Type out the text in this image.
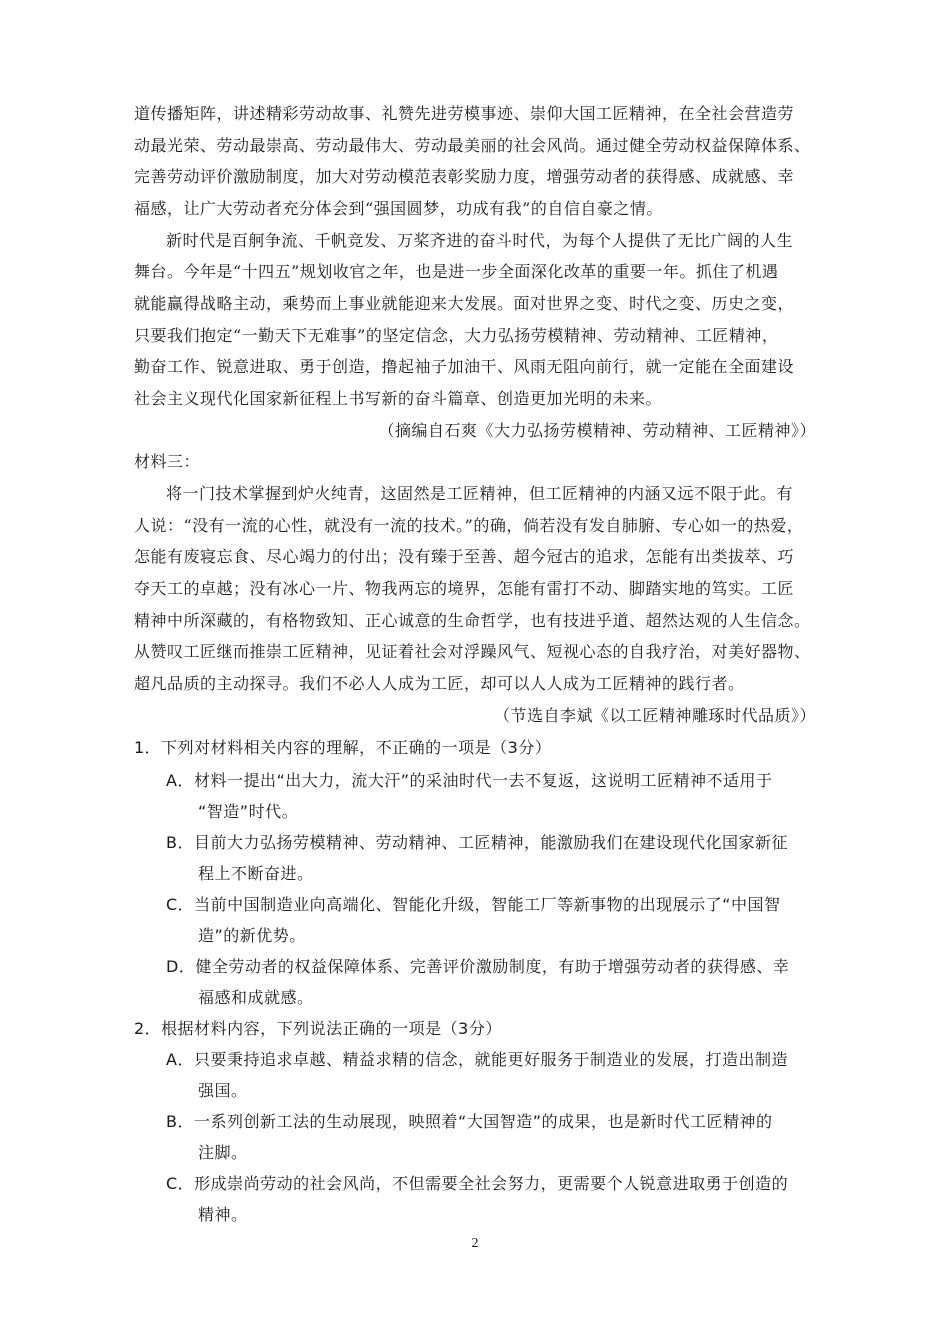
道传播矩阵，讲述精彩劳动故事、礼赞先进劳模事迹、崇仰大国工匠精神，在全社会营造劳
动最光荣、劳动最崇高、劳动最伟大、劳动最美丽的社会风尚。通过健全劳动权益保障体系、
完善劳动评价激励制度，加大对劳动模范表彰奖励力度，增强劳动者的获得感、成就感、幸
福感，让广大劳动者充分体会到“强国圆梦，功成有我”的自信自豪之情。
新时代是百舸争流、千帆竞发、万桨齐进的奋斗时代，为每个人提供了无比广阔的人生
舞台。今年是“十四五”规划收官之年，也是进一步全面深化改革的重要一年。抓住了机遇
就能赢得战略主动，乘势而上事业就能迎来大发展。面对世界之变、时代之变、历史之变，
只要我们抱定“一勤天下无难事”的坚定信念，大力弘扬劳模精神、劳动精神、工匠精神，
勤奋工作、锐意进取、勇于创造，撸起袖子加油干、风雨无阻向前行，就一定能在全面建设
社会主义现代化国家新征程上书写新的奋斗篇章、创造更加光明的未来。
（摘编自石爽《大力弘扬劳模精神、劳动精神、工匠精神》）
材料三：
将一门技术掌握到炉火纯青，这固然是工匠精神，但工匠精神的内涵又远不限于此。有
人说：“没有一流的心性，就没有一流的技术。”的确，倘若没有发自肺腑、专心如一的热爱，
怎能有废寝忘食、尽心竭力的付出；没有臻于至善、超今冠古的追求，怎能有出类拔萃、巧
夺天工的卓越；没有冰心一片、物我两忘的境界，怎能有雷打不动、脚踏实地的笃实。工匠
精神中所深藏的，有格物致知、正心诚意的生命哲学，也有技进乎道、超然达观的人生信念。
从赞叹工匠继而推崇工匠精神，见证着社会对浮躁风气、短视心态的自我疗治，对美好器物、
超凡品质的主动探寻。我们不必人人成为工匠，却可以人人成为工匠精神的践行者。
（节选自李斌《以工匠精神雕琢时代品质》）
1．下列对材料相关内容的理解，不正确的一项是（3分）
A．材料一提出“出大力，流大汗”的采油时代一去不复返，这说明工匠精神不适用于
“智造”时代。
B．目前大力弘扬劳模精神、劳动精神、工匠精神，能激励我们在建设现代化国家新征
程上不断奋进。
C．当前中国制造业向高端化、智能化升级，智能工厂等新事物的出现展示了“中国智
造”的新优势。
D．健全劳动者的权益保障体系、完善评价激励制度，有助于增强劳动者的获得感、幸
福感和成就感。
2．根据材料内容，下列说法正确的一项是（3分）
A．只要秉持追求卓越、精益求精的信念，就能更好服务于制造业的发展，打造出制造
强国。
B．一系列创新工法的生动展现，映照着“大国智造”的成果，也是新时代工匠精神的
注脚。
C．形成崇尚劳动的社会风尚，不但需要全社会努力，更需要个人锐意进取勇于创造的
精神。
2
